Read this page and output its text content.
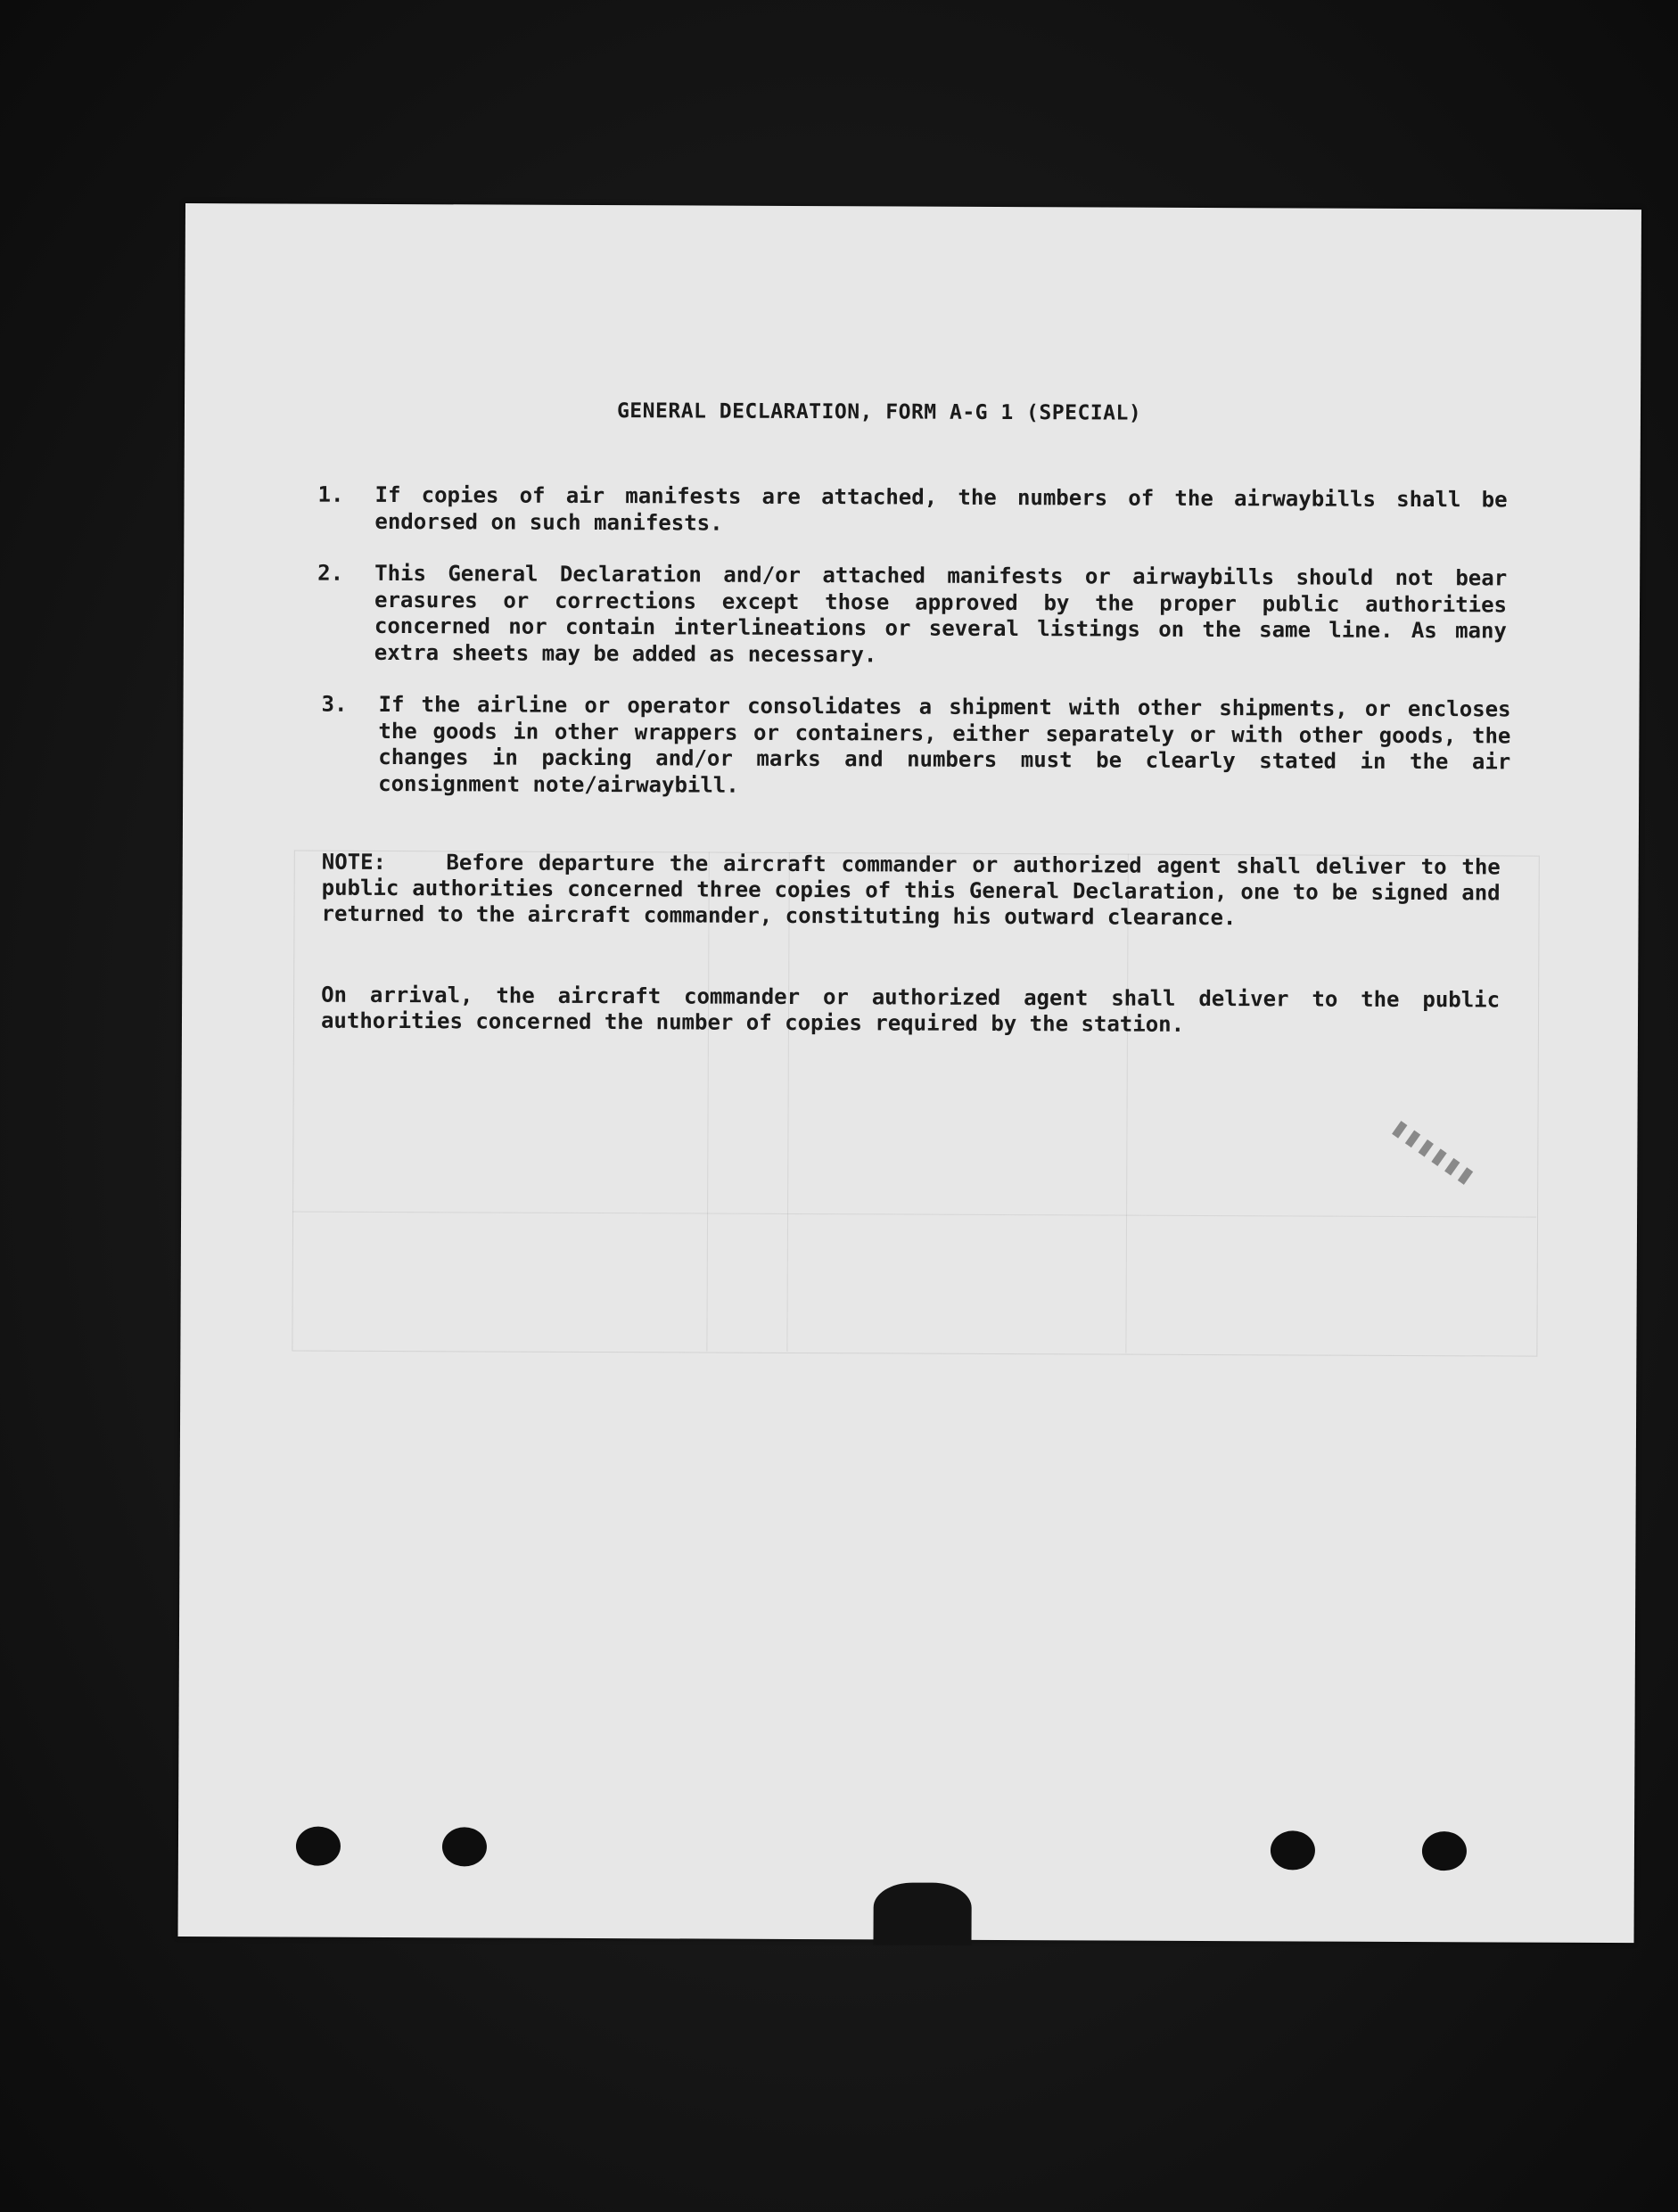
GENERAL DECLARATION, FORM A-G 1 (SPECIAL)
1. If copies of air manifests are attached, the numbers of the airwaybills shall be endorsed on such manifests.
2. This General Declaration and/or attached manifests or airwaybills should not bear erasures or corrections except those approved by the proper public authorities concerned nor contain interlineations or several listings on the same line. As many extra sheets may be added as necessary.
3. If the airline or operator consolidates a shipment with other shipments, or encloses the goods in other wrappers or containers, either separately or with other goods, the changes in packing and/or marks and numbers must be clearly stated in the air consignment note/airwaybill.
NOTE:    Before departure the aircraft commander or authorized agent shall deliver to the public authorities concerned three copies of this General Declaration, one to be signed and returned to the aircraft commander, constituting his outward clearance.
On arrival, the aircraft commander or authorized agent shall deliver to the public authorities concerned the number of copies required by the station.
▮▮▮▮▮▮
